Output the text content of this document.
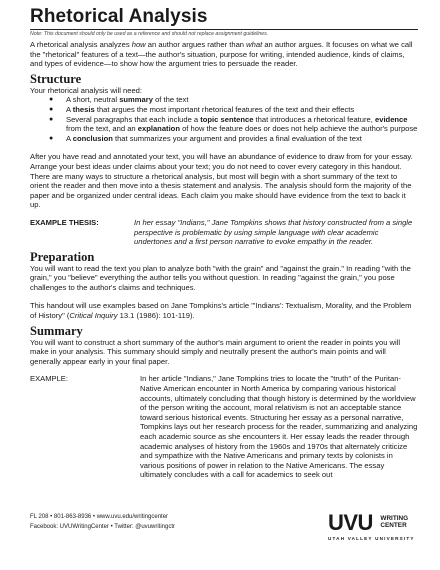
Rhetorical Analysis
Note: This document should only be used as a reference and should not replace assignment guidelines.

A rhetorical analysis analyzes how an author argues rather than what an author argues. It focuses on what we call the "rhetorical" features of a text—the author's situation, purpose for writing, intended audience, kinds of claims, and types of evidence—to show how the argument tries to persuade the reader.

Structure

Your rhetorical analysis will need:

● A short, neutral summary of the text
● A thesis that argues the most important rhetorical features of the text and their effects
● Several paragraphs that each include a topic sentence that introduces a rhetorical feature, evidence from the text, and an explanation of how the feature does or does not help achieve the author's purpose
● A conclusion that summarizes your argument and provides a final evaluation of the text

After you have read and annotated your text, you will have an abundance of evidence to draw from for your essay. Arrange your best ideas under claims about your text; you do not need to cover every category in this handout. There are many ways to structure a rhetorical analysis, but most will begin with a short summary of the text to orient the reader and then move into a thesis statement and analysis. The analysis should form the majority of the paper and be organized under central ideas. Each claim you make should have evidence from the text to back it up.

EXAMPLE THESIS:	In her essay "Indians," Jane Tompkins shows that history constructed from a single perspective is problematic by using simple language with clear academic undertones and a first person narrative to evoke empathy in the reader.
Preparation

You will want to read the text you plan to analyze both "with the grain" and "against the grain." In reading "with the grain," you "believe" everything the author tells you without question. In reading "against the grain," you pose challenges to the author's claims and techniques.

This handout will use examples based on Jane Tompkins's article "'Indians': Textualism, Morality, and the Problem of History" (Critical Inquiry 13.1 (1986): 101-119).

Summary

You will want to construct a short summary of the author's main argument to orient the reader in points you will make in your analysis. This summary should simply and neutrally present the author's main points and will generally appear early in your final paper.

EXAMPLE:	In her article "Indians," Jane Tompkins tries to locate the "truth" of the Puritan-Native American encounter in North America by comparing various historical accounts, ultimately concluding that though history is determined by the worldview of the person writing the account, moral relativism is not an acceptable stance toward serious historical events. Structuring her essay as a personal narrative, Tompkins lays out her research process for the reader, summarizing and analyzing each academic source as she encounters it. Her essay leads the reader through academic analyses of history from the 1960s and 1970s that alternately criticize and sympathize with the Native Americans and primary texts by colonists in various positions of power in relation to the Native Americans. The essay ultimately concludes with a call for academics to seek out
FL 208 • 801-863-8936 • www.uvu.edu/writingcenter
Facebook: UVUWritingCenter • Twitter: @uvuwritingctr	UVU WRITING
CENTER
UTAH VALLEY UNIVERSITY
